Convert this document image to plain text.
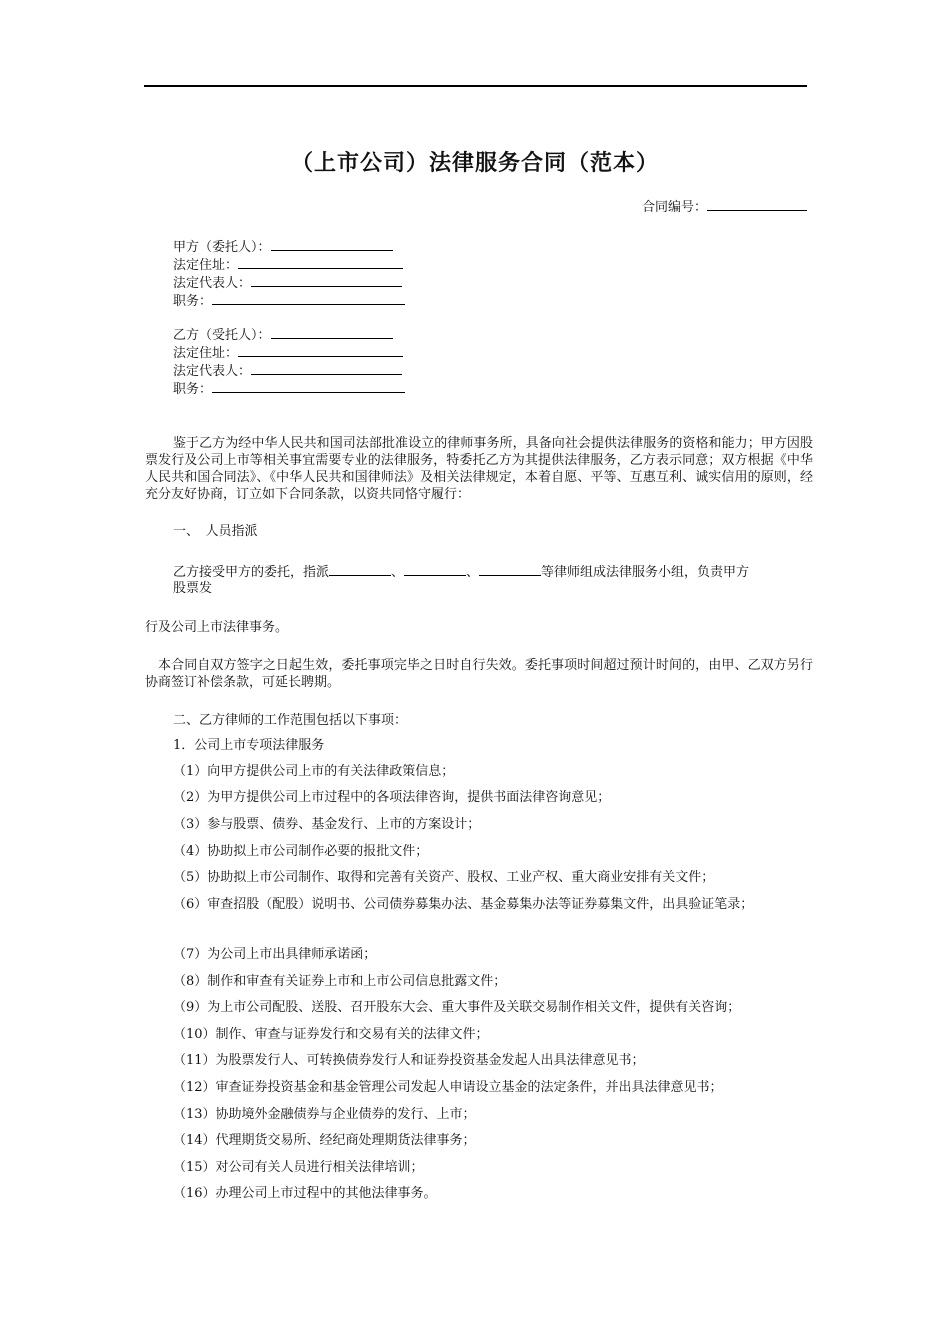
（上市公司）法律服务合同（范本）
合同编号：
甲方（委托人）：
法定住址：
法定代表人：
职务：
乙方（受托人）：
法定住址：
法定代表人：
职务：
鉴于乙方为经中华人民共和国司法部批准设立的律师事务所，具备向社会提供法律服务的资格和能力；甲方因股票发行及公司上市等相关事宜需要专业的法律服务，特委托乙方为其提供法律服务，乙方表示同意；双方根据《中华人民共和国合同法》、《中华人民共和国律师法》及相关法律规定，本着自愿、平等、互惠互利、诚实信用的原则，经充分友好协商，订立如下合同条款，以资共同恪守履行：
一、　人员指派
乙方接受甲方的委托，指派	、	、	等律师组成法律服务小组，负责甲方
股票发
行及公司上市法律事务。
本合同自双方签字之日起生效，委托事项完毕之日时自行失效。委托事项时间超过预计时间的，由甲、乙双方另行协商签订补偿条款，可延长聘期。
二、乙方律师的工作范围包括以下事项：
1．公司上市专项法律服务
（1）向甲方提供公司上市的有关法律政策信息；
（2）为甲方提供公司上市过程中的各项法律咨询，提供书面法律咨询意见；
（3）参与股票、债券、基金发行、上市的方案设计；
（4）协助拟上市公司制作必要的报批文件；
（5）协助拟上市公司制作、取得和完善有关资产、股权、工业产权、重大商业安排有关文件；
（6）审查招股（配股）说明书、公司债券募集办法、基金募集办法等证券募集文件，出具验证笔录；
（7）为公司上市出具律师承诺函；
（8）制作和审查有关证券上市和上市公司信息批露文件；
（9）为上市公司配股、送股、召开股东大会、重大事件及关联交易制作相关文件，提供有关咨询；
（10）制作、审查与证券发行和交易有关的法律文件；
（11）为股票发行人、可转换债券发行人和证券投资基金发起人出具法律意见书；
（12）审查证券投资基金和基金管理公司发起人申请设立基金的法定条件，并出具法律意见书；
（13）协助境外金融债券与企业债券的发行、上市；
（14）代理期货交易所、经纪商处理期货法律事务；
（15）对公司有关人员进行相关法律培训；
（16）办理公司上市过程中的其他法律事务。
